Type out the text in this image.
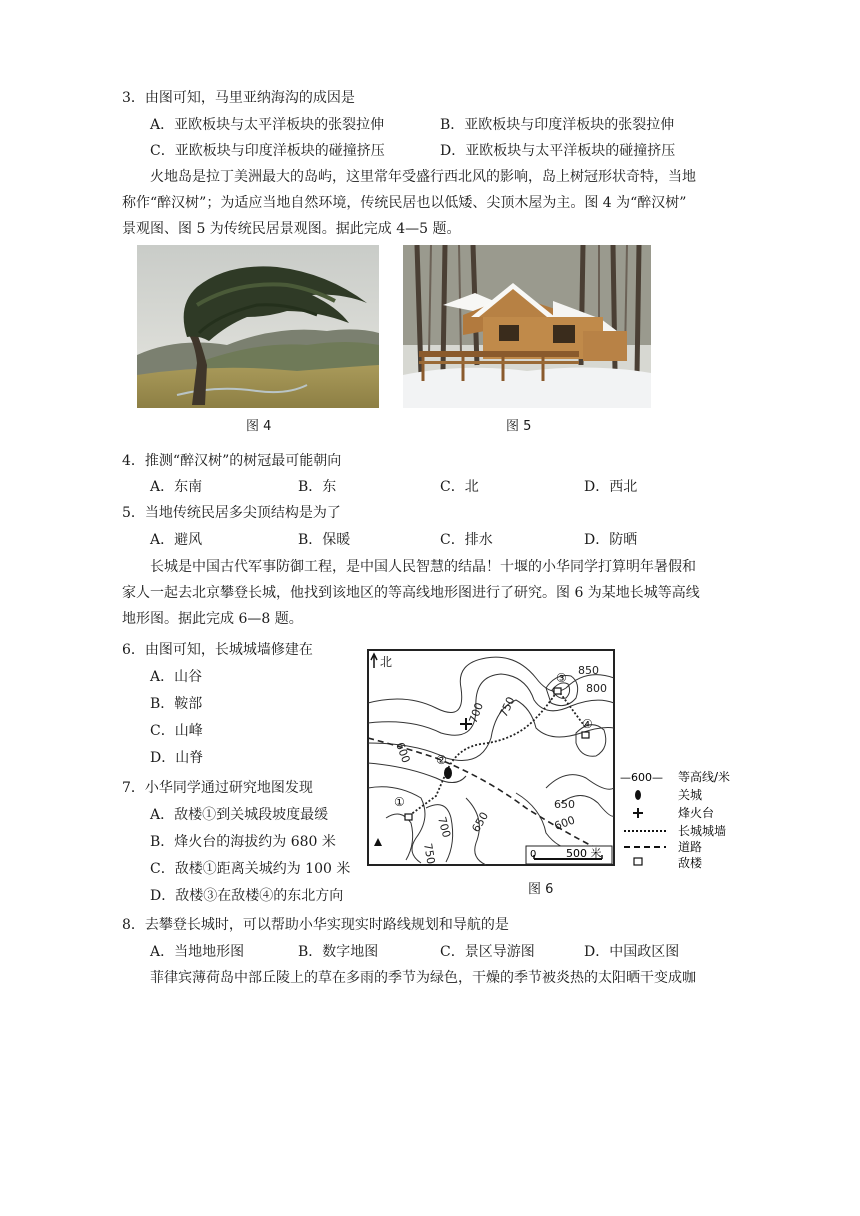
3．由图可知，马里亚纳海沟的成因是
A．亚欧板块与太平洋板块的张裂拉伸	B．亚欧板块与印度洋板块的张裂拉伸
C．亚欧板块与印度洋板块的碰撞挤压	D．亚欧板块与太平洋板块的碰撞挤压
火地岛是拉丁美洲最大的岛屿，这里常年受盛行西北风的影响，岛上树冠形状奇特，当地
称作“醉汉树”；为适应当地自然环境，传统民居也以低矮、尖顶木屋为主。图 4 为“醉汉树”
景观图、图 5 为传统民居景观图。据此完成 4—5 题。
图 4	图 5
4．推测“醉汉树”的树冠最可能朝向
A．东南	B．东	C．北	D．西北
5．当地传统民居多尖顶结构是为了
A．避风	B．保暖	C．排水	D．防晒
长城是中国古代军事防御工程，是中国人民智慧的结晶！十堰的小华同学打算明年暑假和
家人一起去北京攀登长城，他找到该地区的等高线地形图进行了研究。图 6 为某地长城等高线
地形图。据此完成 6—8 题。
6．由图可知，长城城墙修建在
A．山谷
B．鞍部
C．山峰
D．山脊
7．小华同学通过研究地图发现
A．敌楼①到关城段坡度最缓
B．烽火台的海拔约为 680 米
C．敌楼①距离关城约为 100 米
D．敌楼③在敌楼④的东北方向
850
800
700 750
600
650
700
750
650	600
北
①
②
③
④
0	500 米
—600— 等高线/米
关城
烽火台
长城城墙
道路
敌楼
图 6
8．去攀登长城时，可以帮助小华实现实时路线规划和导航的是
A．当地地形图	B．数字地图	C．景区导游图	D．中国政区图
菲律宾薄荷岛中部丘陵上的草在多雨的季节为绿色，干燥的季节被炎热的太阳晒干变成咖
